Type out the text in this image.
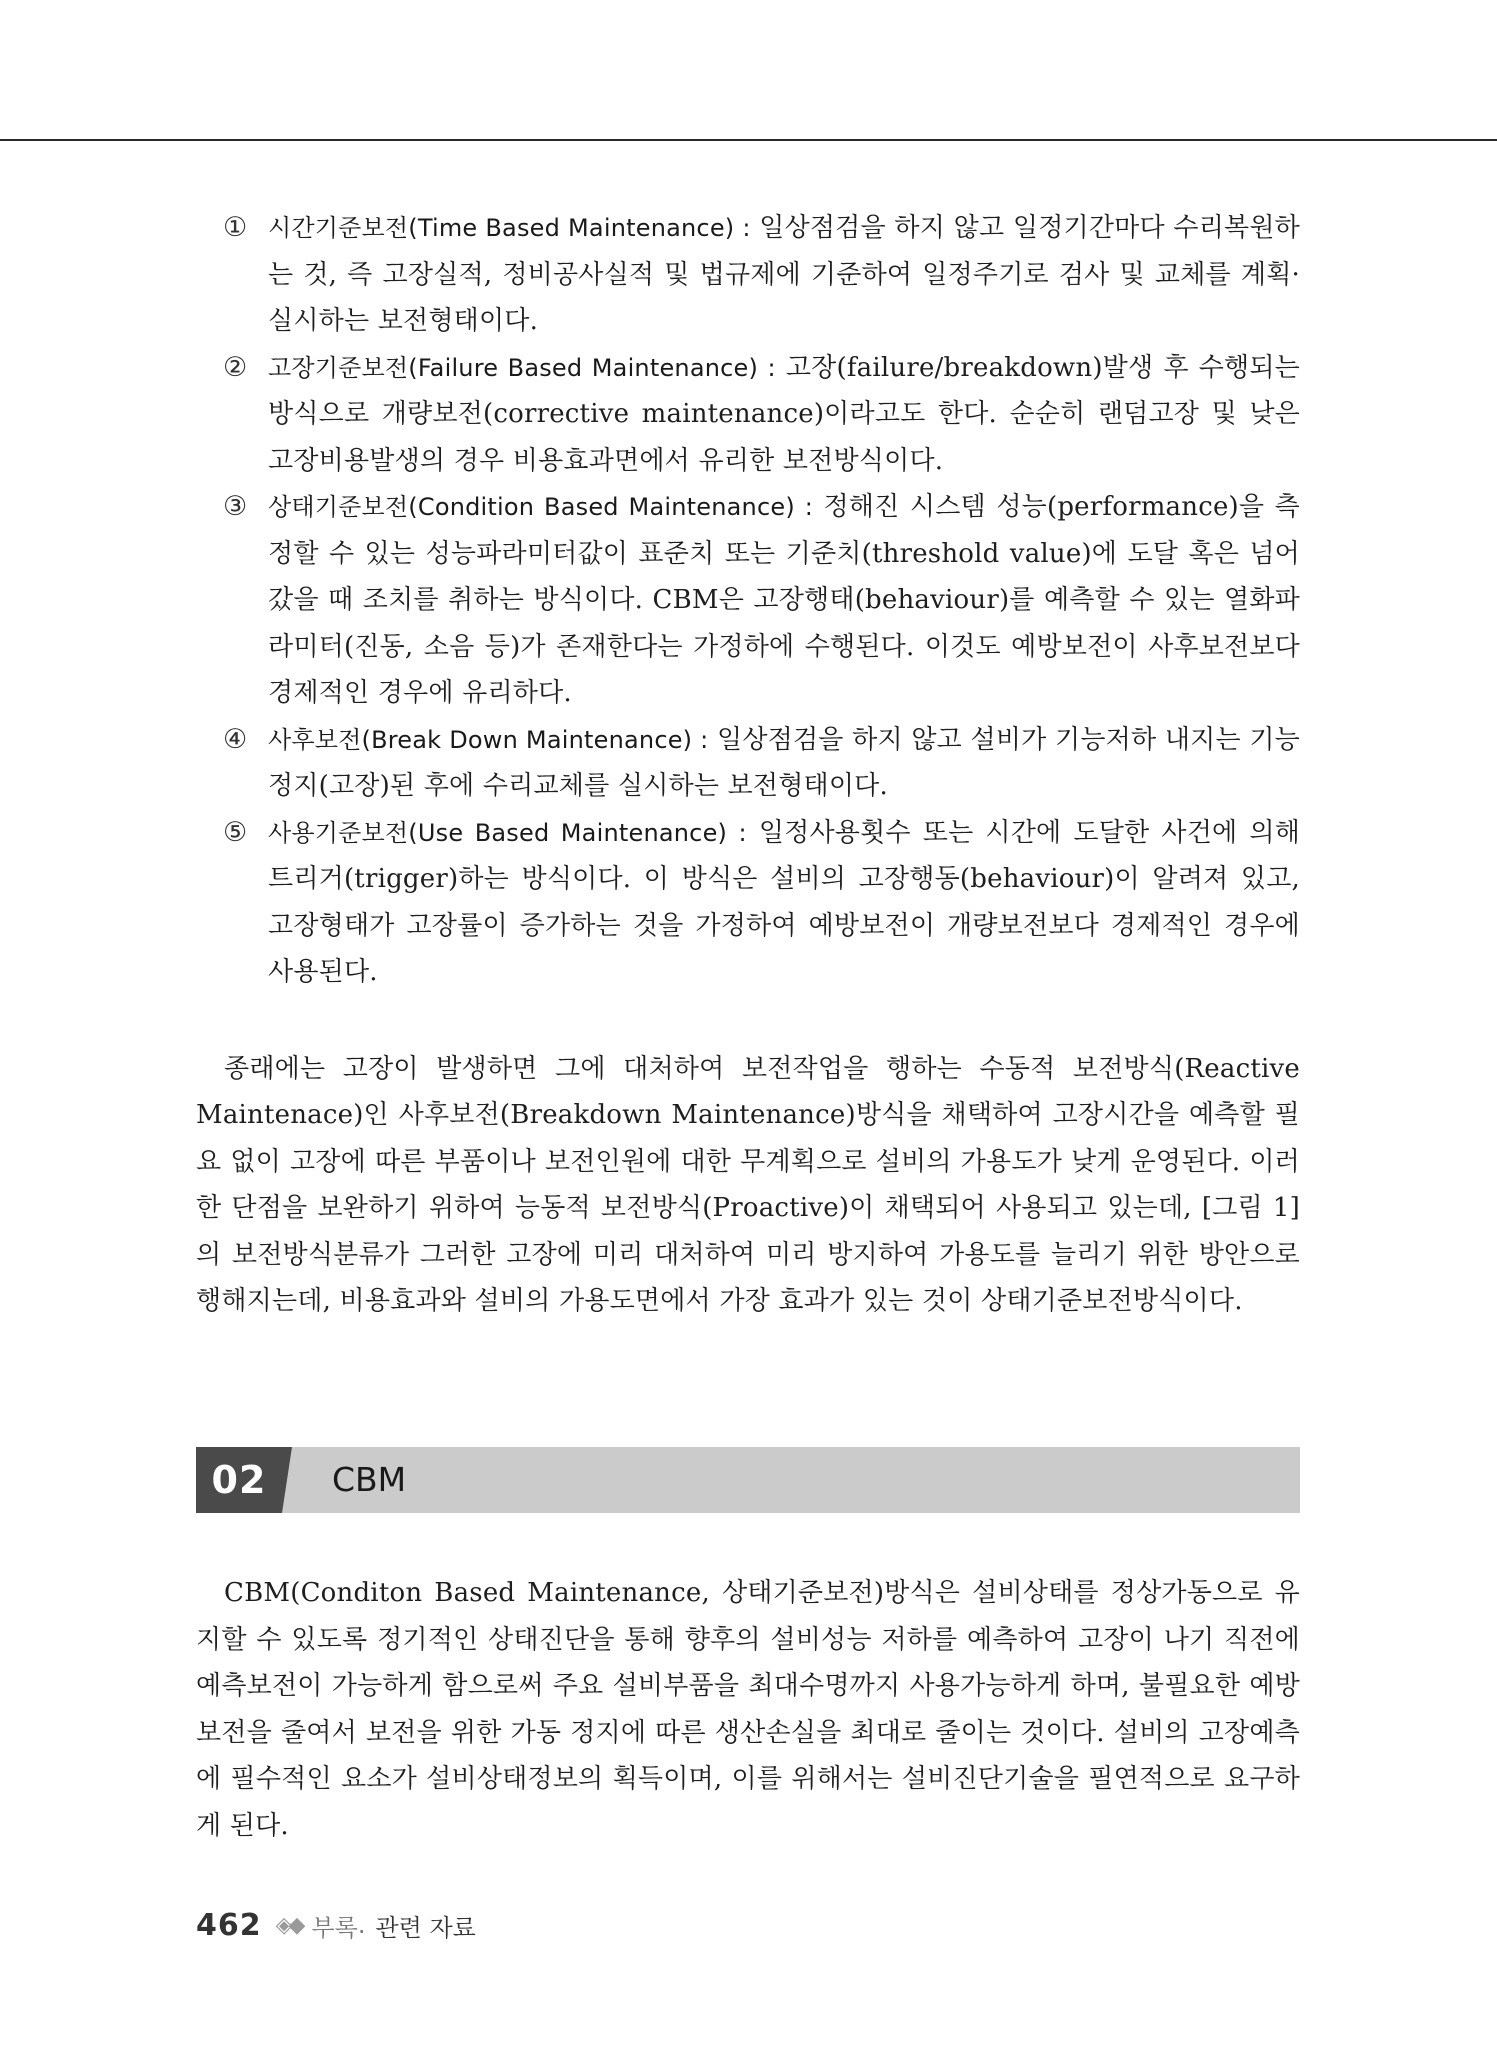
① 시간기준보전(Time Based Maintenance) : 일상점검을 하지 않고 일정기간마다 수리복원하는 것, 즉 고장실적, 정비공사실적 및 법규제에 기준하여 일정주기로 검사 및 교체를 계획·실시하는 보전형태이다.
② 고장기준보전(Failure Based Maintenance) : 고장(failure/breakdown)발생 후 수행되는 방식으로 개량보전(corrective maintenance)이라고도 한다. 순순히 랜덤고장 및 낮은 고장비용발생의 경우 비용효과면에서 유리한 보전방식이다.
③ 상태기준보전(Condition Based Maintenance) : 정해진 시스템 성능(performance)을 측정할 수 있는 성능파라미터값이 표준치 또는 기준치(threshold value)에 도달 혹은 넘어갔을 때 조치를 취하는 방식이다. CBM은 고장행태(behaviour)를 예측할 수 있는 열화파라미터(진동, 소음 등)가 존재한다는 가정하에 수행된다. 이것도 예방보전이 사후보전보다 경제적인 경우에 유리하다.
④ 사후보전(Break Down Maintenance) : 일상점검을 하지 않고 설비가 기능저하 내지는 기능정지(고장)된 후에 수리교체를 실시하는 보전형태이다.
⑤ 사용기준보전(Use Based Maintenance) : 일정사용횟수 또는 시간에 도달한 사건에 의해 트리거(trigger)하는 방식이다. 이 방식은 설비의 고장행동(behaviour)이 알려져 있고, 고장형태가 고장률이 증가하는 것을 가정하여 예방보전이 개량보전보다 경제적인 경우에 사용된다.

종래에는 고장이 발생하면 그에 대처하여 보전작업을 행하는 수동적 보전방식(Reactive Maintenace)인 사후보전(Breakdown Maintenance)방식을 채택하여 고장시간을 예측할 필요 없이 고장에 따른 부품이나 보전인원에 대한 무계획으로 설비의 가용도가 낮게 운영된다. 이러한 단점을 보완하기 위하여 능동적 보전방식(Proactive)이 채택되어 사용되고 있는데, [그림 1]의 보전방식분류가 그러한 고장에 미리 대처하여 미리 방지하여 가용도를 늘리기 위한 방안으로 행해지는데, 비용효과와 설비의 가용도면에서 가장 효과가 있는 것이 상태기준보전방식이다.

02	CBM

CBM(Conditon Based Maintenance, 상태기준보전)방식은 설비상태를 정상가동으로 유지할 수 있도록 정기적인 상태진단을 통해 향후의 설비성능 저하를 예측하여 고장이 나기 직전에 예측보전이 가능하게 함으로써 주요 설비부품을 최대수명까지 사용가능하게 하며, 불필요한 예방보전을 줄여서 보전을 위한 가동 정지에 따른 생산손실을 최대로 줄이는 것이다. 설비의 고장예측에 필수적인 요소가 설비상태정보의 획득이며, 이를 위해서는 설비진단기술을 필연적으로 요구하게 된다.

462 ◈◆ 부록 . 관련 자료
